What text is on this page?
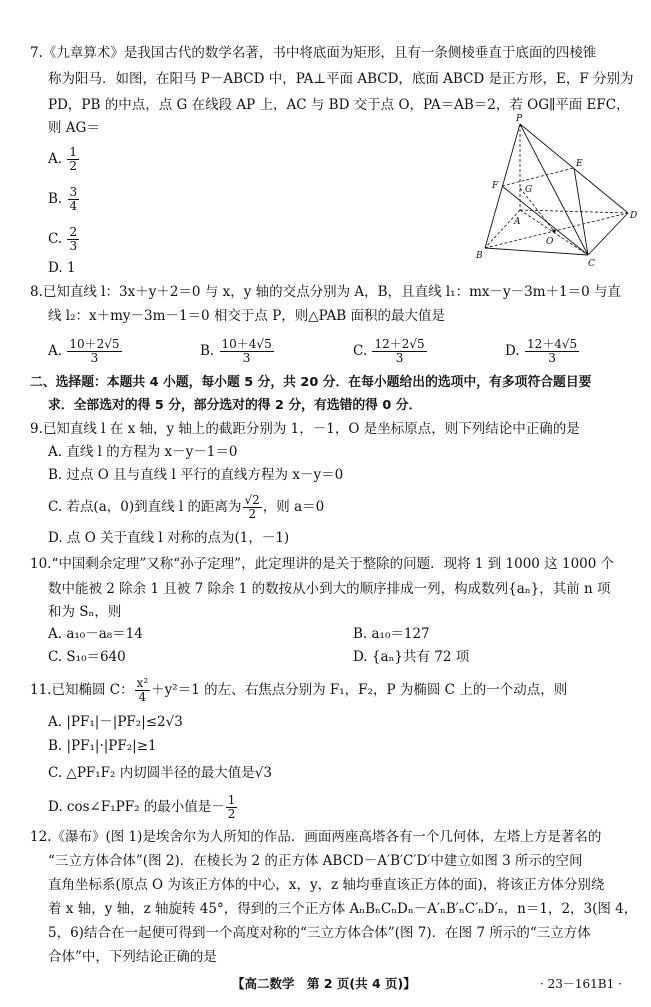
7.《九章算术》是我国古代的数学名著，书中将底面为矩形，且有一条侧棱垂直于底面的四棱锥
称为阳马．如图，在阳马 P－ABCD 中，PA⊥平面 ABCD，底面 ABCD 是正方形，E，F 分别为
PD，PB 的中点，点 G 在线段 AP 上，AC 与 BD 交于点 O，PA＝AB＝2，若 OG∥平面 EFC，
则 AG＝
A. $\frac{1}{2}$
B. $\frac{3}{4}$
C. $\frac{2}{3}$
D. 1
P
E
F	G
A
O
D
B
C
8.已知直线 l：3x＋y＋2＝0 与 x，y 轴的交点分别为 A，B，且直线 l₁：mx－y－3m＋1＝0 与直
线 l₂：x＋my－3m－1＝0 相交于点 P，则△PAB 面积的最大值是
A. $\frac{10+2√5}{3}$	B. $\frac{10+4√5}{3}$	C. $\frac{12+2√5}{3}$	D. $\frac{12+4√5}{3}$
二、选择题：本题共 4 小题，每小题 5 分，共 20 分．在每小题给出的选项中，有多项符合题目要
求．全部选对的得 5 分，部分选对的得 2 分，有选错的得 0 分．
9.已知直线 l 在 x 轴，y 轴上的截距分别为 1，－1，O 是坐标原点，则下列结论中正确的是
A. 直线 l 的方程为 x－y－1＝0
B. 过点 O 且与直线 l 平行的直线方程为 x－y＝0
C. 若点(a，0)到直线 l 的距离为 $\frac{√2}{2}$ ，则 a＝0
D. 点 O 关于直线 l 对称的点为(1，－1)
10.“中国剩余定理”又称“孙子定理”，此定理讲的是关于整除的问题．现将 1 到 1000 这 1000 个
数中能被 2 除余 1 且被 7 除余 1 的数按从小到大的顺序排成一列，构成数列{aₙ}，其前 n 项
和为 Sₙ，则
A. a₁₀－a₈＝14	B. a₁₀＝127
C. S₁₀＝640	D. {aₙ}共有 72 项
11.已知椭圆 C： $\frac{\text{x²}}{4} +y^2=1$ 的左、右焦点分别为 F₁，F₂，P 为椭圆 C 上的一个动点，则
A. |PF₁|－|PF₂|≤2√3
B. |PF₁|·|PF₂|≥1
C. △PF₁F₂ 内切圆半径的最大值是√3
D. cos∠F₁PF₂ 的最小值是－ $\frac{1}{2}$
12.《瀑布》(图 1)是埃舍尔为人所知的作品．画面两座高塔各有一个几何体，左塔上方是著名的
“三立方体合体”(图 2)．在棱长为 2 的正方体 ABCD－A′B′C′D′中建立如图 3 所示的空间
直角坐标系(原点 O 为该正方体的中心，x，y，z 轴均垂直该正方体的面)，将该正方体分别绕
着 x 轴，y 轴，z 轴旋转 45°，得到的三个正方体 AₙBₙCₙDₙ－A′ₙB′ₙC′ₙD′ₙ，n＝1，2，3(图 4，
5，6)结合在一起便可得到一个高度对称的“三立方体合体”(图 7)．在图 7 所示的“三立方体
合体”中，下列结论正确的是
【高二数学　第 2 页(共 4 页)】	· 23－161B1 ·
